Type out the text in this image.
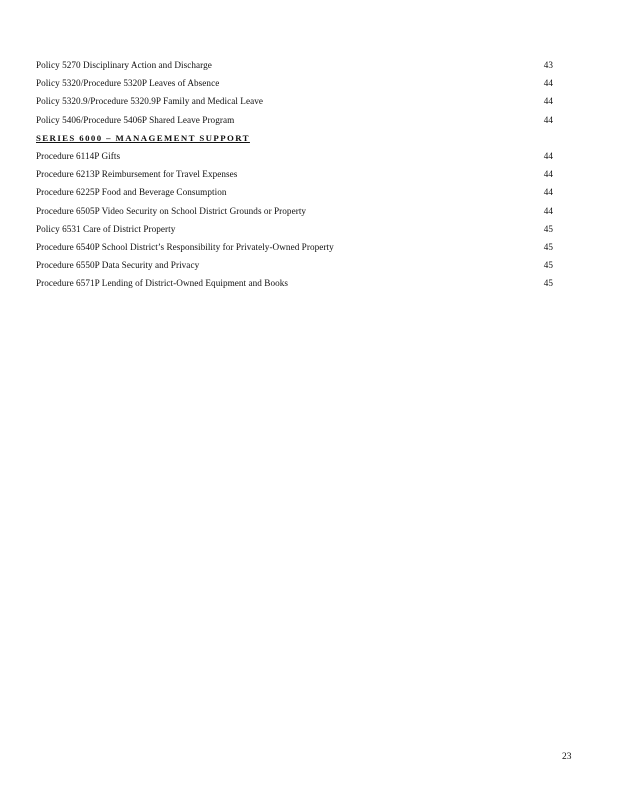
Policy 5270 Disciplinary Action and Discharge	43
Policy 5320/Procedure 5320P Leaves of Absence	44
Policy 5320.9/Procedure 5320.9P Family and Medical Leave	44
Policy 5406/Procedure 5406P Shared Leave Program	44
SERIES 6000 – MANAGEMENT SUPPORT
Procedure 6114P Gifts	44
Procedure 6213P Reimbursement for Travel Expenses	44
Procedure 6225P Food and Beverage Consumption	44
Procedure 6505P Video Security on School District Grounds or Property	44
Policy 6531 Care of District Property	45
Procedure 6540P School District’s Responsibility for Privately-Owned Property	45
Procedure 6550P Data Security and Privacy	45
Procedure 6571P Lending of District-Owned Equipment and Books	45
23
